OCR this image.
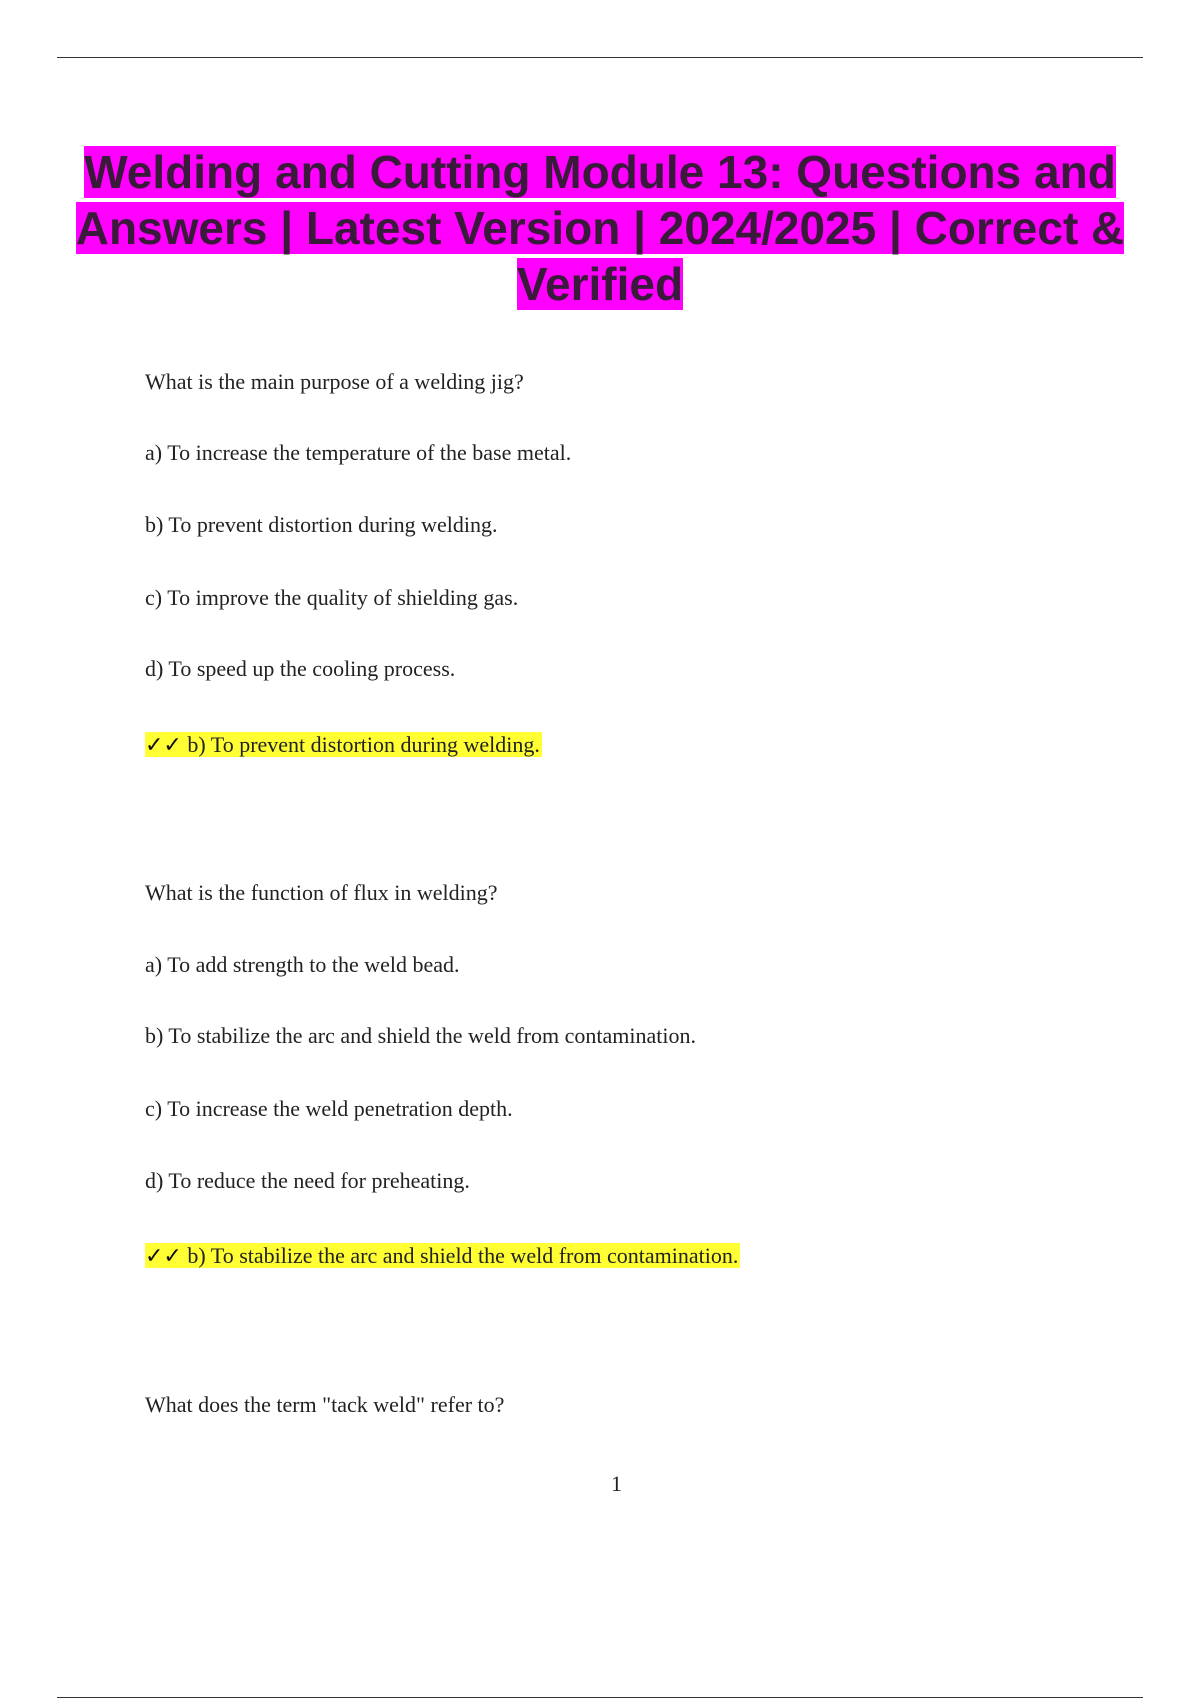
Welding and Cutting Module 13: Questions and Answers | Latest Version | 2024/2025 | Correct & Verified
What is the main purpose of a welding jig?
a) To increase the temperature of the base metal.
b) To prevent distortion during welding.
c) To improve the quality of shielding gas.
d) To speed up the cooling process.
✓✓ b) To prevent distortion during welding.
What is the function of flux in welding?
a) To add strength to the weld bead.
b) To stabilize the arc and shield the weld from contamination.
c) To increase the weld penetration depth.
d) To reduce the need for preheating.
✓✓ b) To stabilize the arc and shield the weld from contamination.
What does the term "tack weld" refer to?
1
